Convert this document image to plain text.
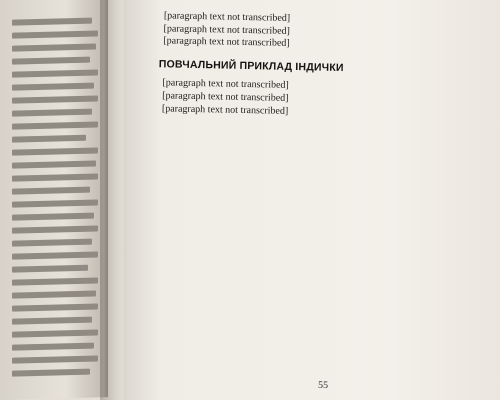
[paragraph text not transcribed]

[paragraph text not transcribed]

[paragraph text not transcribed]

ПОВЧАЛЬНИЙ ПРИКЛАД ІНДИЧКИ

[paragraph text not transcribed]

[paragraph text not transcribed]

[paragraph text not transcribed]

55
